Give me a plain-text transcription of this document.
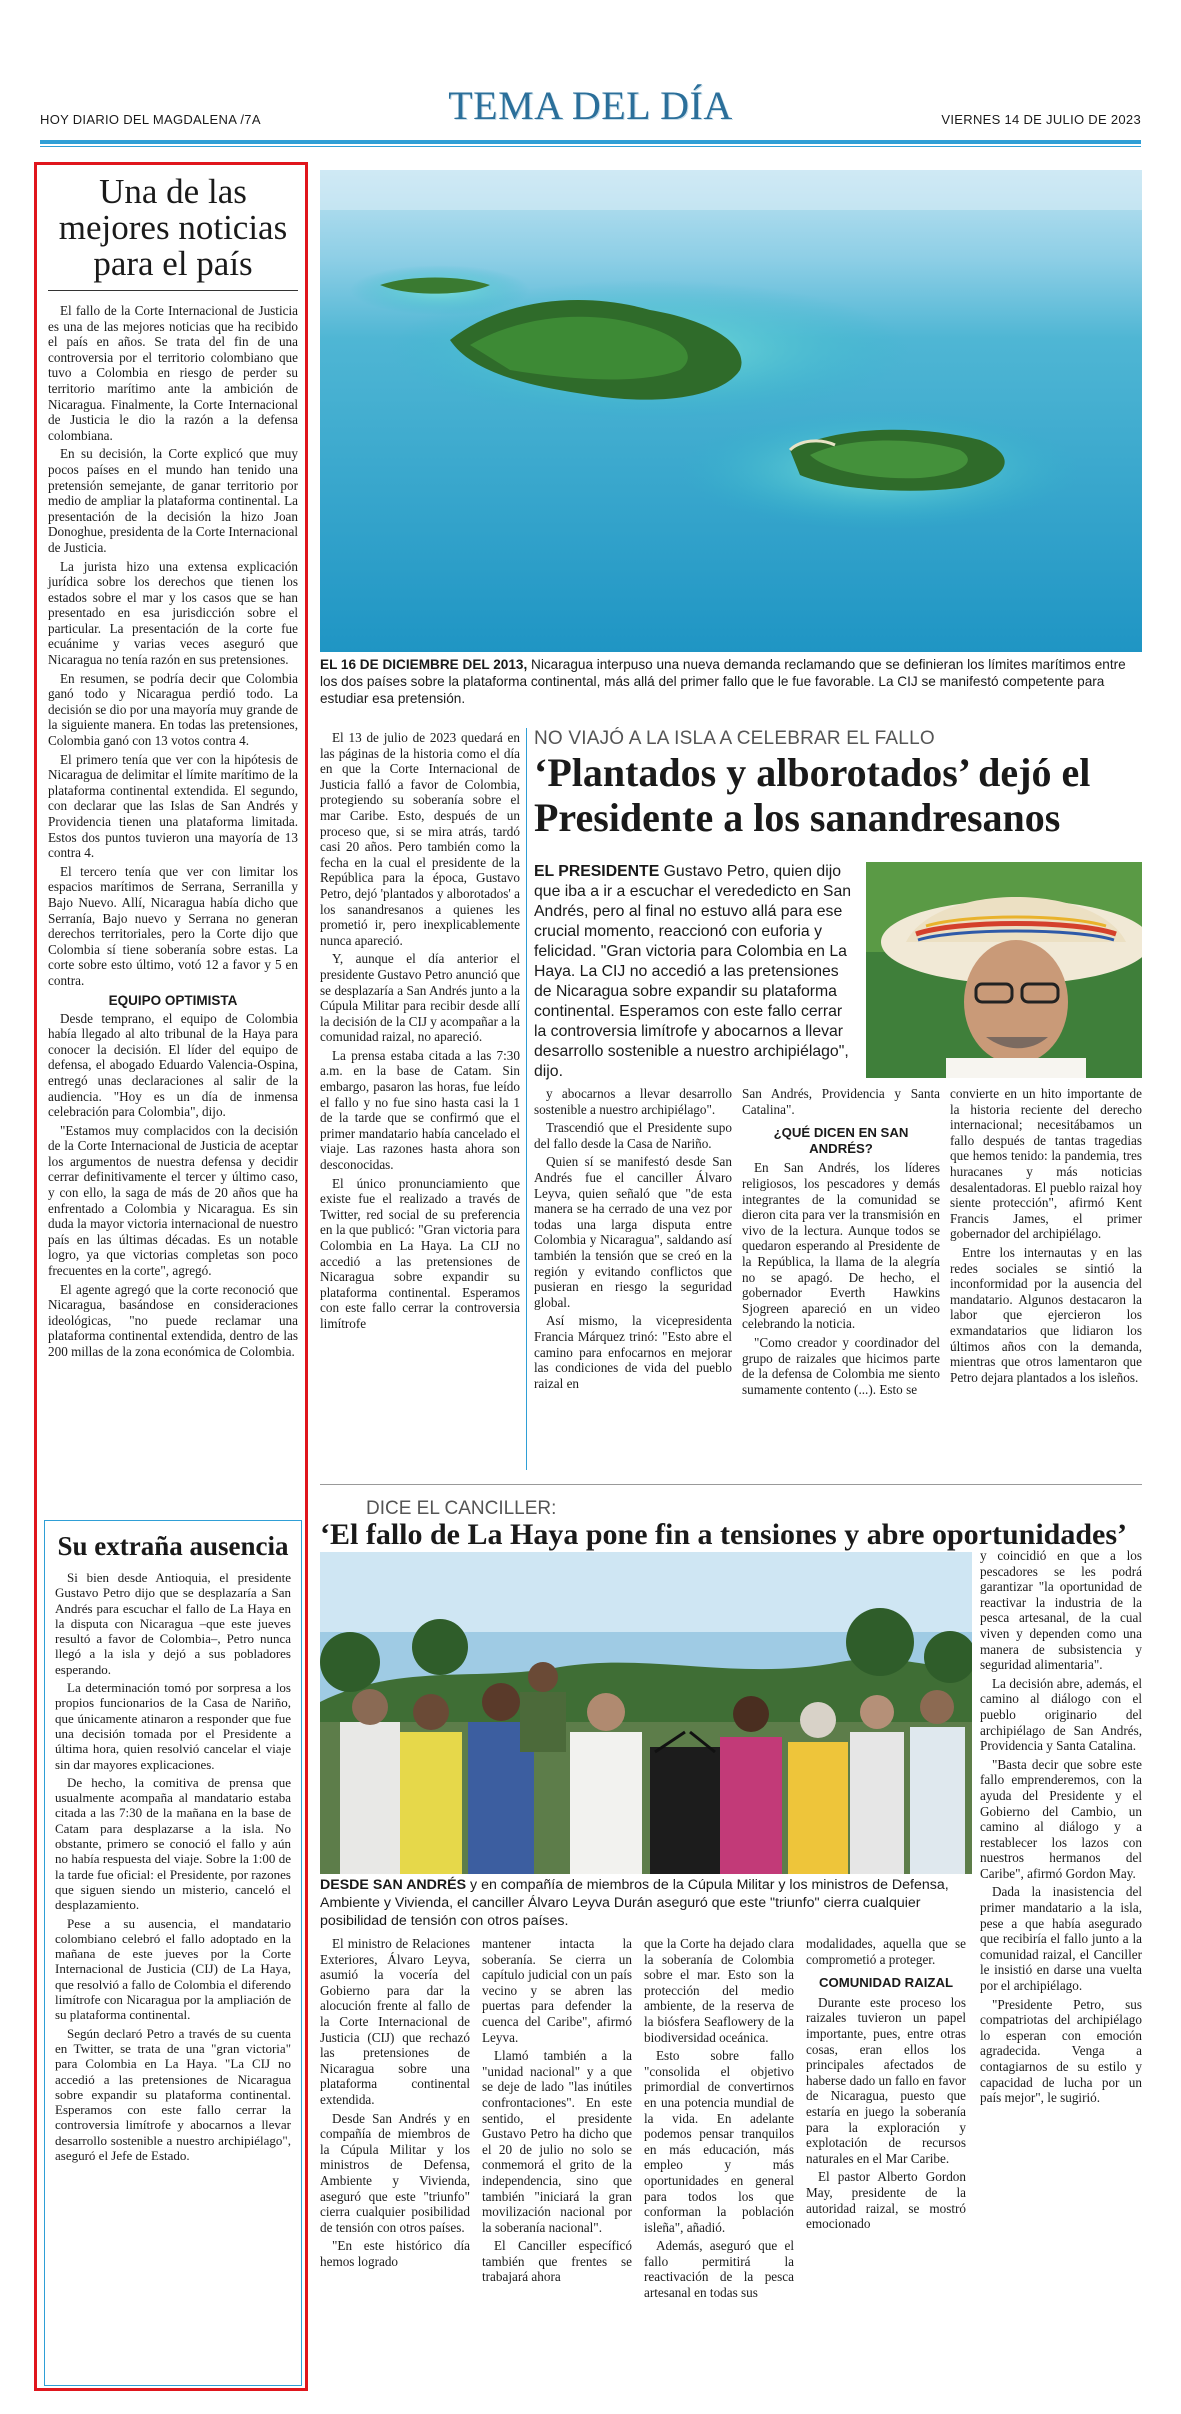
HOY DIARIO DEL MAGDALENA /7A	TEMA DEL DÍA	VIERNES 14 DE JULIO DE 2023
Una de las mejores noticias para el país

El fallo de la Corte Internacional de Justicia es una de las mejores noticias que ha recibido el país en años. Se trata del fin de una controversia por el territorio colombiano que tuvo a Colombia en riesgo de perder su territorio marítimo ante la ambición de Nicaragua. Finalmente, la Corte Internacional de Justicia le dio la razón a la defensa colombiana.

En su decisión, la Corte explicó que muy pocos países en el mundo han tenido una pretensión semejante, de ganar territorio por medio de ampliar la plataforma continental. La presentación de la decisión la hizo Joan Donoghue, presidenta de la Corte Internacional de Justicia.

La jurista hizo una extensa explicación jurídica sobre los derechos que tienen los estados sobre el mar y los casos que se han presentado en esa jurisdicción sobre el particular. La presentación de la corte fue ecuánime y varias veces aseguró que Nicaragua no tenía razón en sus pretensiones.

En resumen, se podría decir que Colombia ganó todo y Nicaragua perdió todo. La decisión se dio por una mayoría muy grande de la siguiente manera. En todas las pretensiones, Colombia ganó con 13 votos contra 4.

El primero tenía que ver con la hipótesis de Nicaragua de delimitar el límite marítimo de la plataforma continental extendida. El segundo, con declarar que las Islas de San Andrés y Providencia tienen una plataforma limitada. Estos dos puntos tuvieron una mayoría de 13 contra 4.

El tercero tenía que ver con limitar los espacios marítimos de Serrana, Serranilla y Bajo Nuevo. Allí, Nicaragua había dicho que Serranía, Bajo nuevo y Serrana no generan derechos territoriales, pero la Corte dijo que Colombia sí tiene soberanía sobre estas. La corte sobre esto último, votó 12 a favor y 5 en contra.

EQUIPO OPTIMISTA

Desde temprano, el equipo de Colombia había llegado al alto tribunal de la Haya para conocer la decisión. El líder del equipo de defensa, el abogado Eduardo Valencia-Ospina, entregó unas declaraciones al salir de la audiencia. "Hoy es un día de inmensa celebración para Colombia", dijo.

"Estamos muy complacidos con la decisión de la Corte Internacional de Justicia de aceptar los argumentos de nuestra defensa y decidir cerrar definitivamente el tercer y último caso, y con ello, la saga de más de 20 años que ha enfrentado a Colombia y Nicaragua. Es sin duda la mayor victoria internacional de nuestro país en las últimas décadas. Es un notable logro, ya que victorias completas son poco frecuentes en la corte", agregó.

El agente agregó que la corte reconoció que Nicaragua, basándose en consideraciones ideológicas, "no puede reclamar una plataforma continental extendida, dentro de las 200 millas de la zona económica de Colombia.

Su extraña ausencia

Si bien desde Antioquia, el presidente Gustavo Petro dijo que se desplazaría a San Andrés para escuchar el fallo de La Haya en la disputa con Nicaragua –que este jueves resultó a favor de Colombia–, Petro nunca llegó a la isla y dejó a sus pobladores esperando.

La determinación tomó por sorpresa a los propios funcionarios de la Casa de Nariño, que únicamente atinaron a responder que fue una decisión tomada por el Presidente a última hora, quien resolvió cancelar el viaje sin dar mayores explicaciones.

De hecho, la comitiva de prensa que usualmente acompaña al mandatario estaba citada a las 7:30 de la mañana en la base de Catam para desplazarse a la isla. No obstante, primero se conoció el fallo y aún no había respuesta del viaje. Sobre la 1:00 de la tarde fue oficial: el Presidente, por razones que siguen siendo un misterio, canceló el desplazamiento.

Pese a su ausencia, el mandatario colombiano celebró el fallo adoptado en la mañana de este jueves por la Corte Internacional de Justicia (CIJ) de La Haya, que resolvió a fallo de Colombia el diferendo limítrofe con Nicaragua por la ampliación de su plataforma continental.

Según declaró Petro a través de su cuenta en Twitter, se trata de una "gran victoria" para Colombia en La Haya. "La CIJ no accedió a las pretensiones de Nicaragua sobre expandir su plataforma continental. Esperamos con este fallo cerrar la controversia limítrofe y abocarnos a llevar desarrollo sostenible a nuestro archipiélago", aseguró el Jefe de Estado.

EL 16 DE DICIEMBRE DEL 2013, Nicaragua interpuso una nueva demanda reclamando que se definieran los límites marítimos entre los dos países sobre la plataforma continental, más allá del primer fallo que le fue favorable. La CIJ se manifestó competente para estudiar esa pretensión.

El 13 de julio de 2023 quedará en las páginas de la historia como el día en que la Corte Internacional de Justicia falló a favor de Colombia, protegiendo su soberanía sobre el mar Caribe. Esto, después de un proceso que, si se mira atrás, tardó casi 20 años. Pero también como la fecha en la cual el presidente de la República para la época, Gustavo Petro, dejó 'plantados y alborotados' a los sanandresanos a quienes les prometió ir, pero inexplicablemente nunca apareció.

Y, aunque el día anterior el presidente Gustavo Petro anunció que se desplazaría a San Andrés junto a la Cúpula Militar para recibir desde allí la decisión de la CIJ y acompañar a la comunidad raizal, no apareció.

La prensa estaba citada a las 7:30 a.m. en la base de Catam. Sin embargo, pasaron las horas, fue leído el fallo y no fue sino hasta casi la 1 de la tarde que se confirmó que el primer mandatario había cancelado el viaje. Las razones hasta ahora son desconocidas.

El único pronunciamiento que existe fue el realizado a través de Twitter, red social de su preferencia en la que publicó: "Gran victoria para Colombia en La Haya. La CIJ no accedió a las pretensiones de Nicaragua sobre expandir su plataforma continental. Esperamos con este fallo cerrar la controversia limítrofe

NO VIAJÓ A LA ISLA A CELEBRAR EL FALLO
‘Plantados y alborotados’ dejó el Presidente a los sanandresanos

EL PRESIDENTE Gustavo Petro, quien dijo que iba a ir a escuchar el verededicto en San Andrés, pero al final no estuvo allá para ese crucial momento, reaccionó con euforia y felicidad. "Gran victoria para Colombia en La Haya. La CIJ no accedió a las pretensiones de Nicaragua sobre expandir su plataforma continental. Esperamos con este fallo cerrar la controversia limítrofe y abocarnos a llevar desarrollo sostenible a nuestro archipiélago", dijo.

y abocarnos a llevar desarrollo sostenible a nuestro archipiélago".

Trascendió que el Presidente supo del fallo desde la Casa de Nariño.

Quien sí se manifestó desde San Andrés fue el canciller Álvaro Leyva, quien señaló que "de esta manera se ha cerrado de una vez por todas una larga disputa entre Colombia y Nicaragua", saldando así también la tensión que se creó en la región y evitando conflictos que pusieran en riesgo la seguridad global.

Así mismo, la vicepresidenta Francia Márquez trinó: "Esto abre el camino para enfocarnos en mejorar las condiciones de vida del pueblo raizal en

San Andrés, Providencia y Santa Catalina".

¿QUÉ DICEN EN SAN ANDRÉS?

En San Andrés, los líderes religiosos, los pescadores y demás integrantes de la comunidad se dieron cita para ver la transmisión en vivo de la lectura. Aunque todos se quedaron esperando al Presidente de la República, la llama de la alegría no se apagó. De hecho, el gobernador Everth Hawkins Sjogreen apareció en un video celebrando la noticia.

"Como creador y coordinador del grupo de raizales que hicimos parte de la defensa de Colombia me siento sumamente contento (...). Esto se

convierte en un hito importante de la historia reciente del derecho internacional; necesitábamos un fallo después de tantas tragedias que hemos tenido: la pandemia, tres huracanes y más noticias desalentadoras. El pueblo raizal hoy siente protección", afirmó Kent Francis James, el primer gobernador del archipiélago.

Entre los internautas y en las redes sociales se sintió la inconformidad por la ausencia del mandatario. Algunos destacaron la labor que ejercieron los exmandatarios que lidiaron los últimos años con la demanda, mientras que otros lamentaron que Petro dejara plantados a los isleños.

DICE EL CANCILLER:
‘El fallo de La Haya pone fin a tensiones y abre oportunidades’
DESDE SAN ANDRÉS y en compañía de miembros de la Cúpula Militar y los ministros de Defensa, Ambiente y Vivienda, el canciller Álvaro Leyva Durán aseguró que este "triunfo" cierra cualquier posibilidad de tensión con otros países.

El ministro de Relaciones Exteriores, Álvaro Leyva, asumió la vocería del Gobierno para dar la alocución frente al fallo de la Corte Internacional de Justicia (CIJ) que rechazó las pretensiones de Nicaragua sobre una plataforma continental extendida.

Desde San Andrés y en compañía de miembros de la Cúpula Militar y los ministros de Defensa, Ambiente y Vivienda, aseguró que este "triunfo" cierra cualquier posibilidad de tensión con otros países.

"En este histórico día hemos logrado

mantener intacta la soberanía. Se cierra un capítulo judicial con un país vecino y se abren las puertas para defender la cuenca del Caribe", afirmó Leyva.

Llamó también a la "unidad nacional" y a que se deje de lado "las inútiles confrontaciones". En este sentido, el presidente Gustavo Petro ha dicho que el 20 de julio no solo se conmemorá el grito de la independencia, sino que también "iniciará la gran movilización nacional por la soberanía nacional".

El Canciller específicó también que frentes se trabajará ahora

que la Corte ha dejado clara la soberanía de Colombia sobre el mar. Esto son la protección del medio ambiente, de la reserva de la biósfera Seaflowery de la biodiversidad oceánica.

Esto sobre fallo "consolida el objetivo primordial de convertirnos en una potencia mundial de la vida. En adelante podemos pensar tranquilos en más educación, más empleo y más oportunidades en general para todos los que conforman la población isleña", añadió.

Además, aseguró que el fallo permitirá la reactivación de la pesca artesanal en todas sus

modalidades, aquella que se comprometió a proteger.

COMUNIDAD RAIZAL

Durante este proceso los raizales tuvieron un papel importante, pues, entre otras cosas, eran ellos los principales afectados de haberse dado un fallo en favor de Nicaragua, puesto que estaría en juego la soberanía para la exploración y explotación de recursos naturales en el Mar Caribe.

El pastor Alberto Gordon May, presidente de la autoridad raizal, se mostró emocionado

y coincidió en que a los pescadores se les podrá garantizar "la oportunidad de reactivar la industria de la pesca artesanal, de la cual viven y dependen como una manera de subsistencia y seguridad alimentaria".

La decisión abre, además, el camino al diálogo con el pueblo originario del archipiélago de San Andrés, Providencia y Santa Catalina.

"Basta decir que sobre este fallo emprenderemos, con la ayuda del Presidente y el Gobierno del Cambio, un camino al diálogo y a restablecer los lazos con nuestros hermanos del Caribe", afirmó Gordon May.

Dada la inasistencia del primer mandatario a la isla, pese a que había asegurado que recibiría el fallo junto a la comunidad raizal, el Canciller le insistió en darse una vuelta por el archipiélago.

"Presidente Petro, sus compatriotas del archipiélago lo esperan con emoción agradecida. Venga a contagiarnos de su estilo y capacidad de lucha por un país mejor", le sugirió.
